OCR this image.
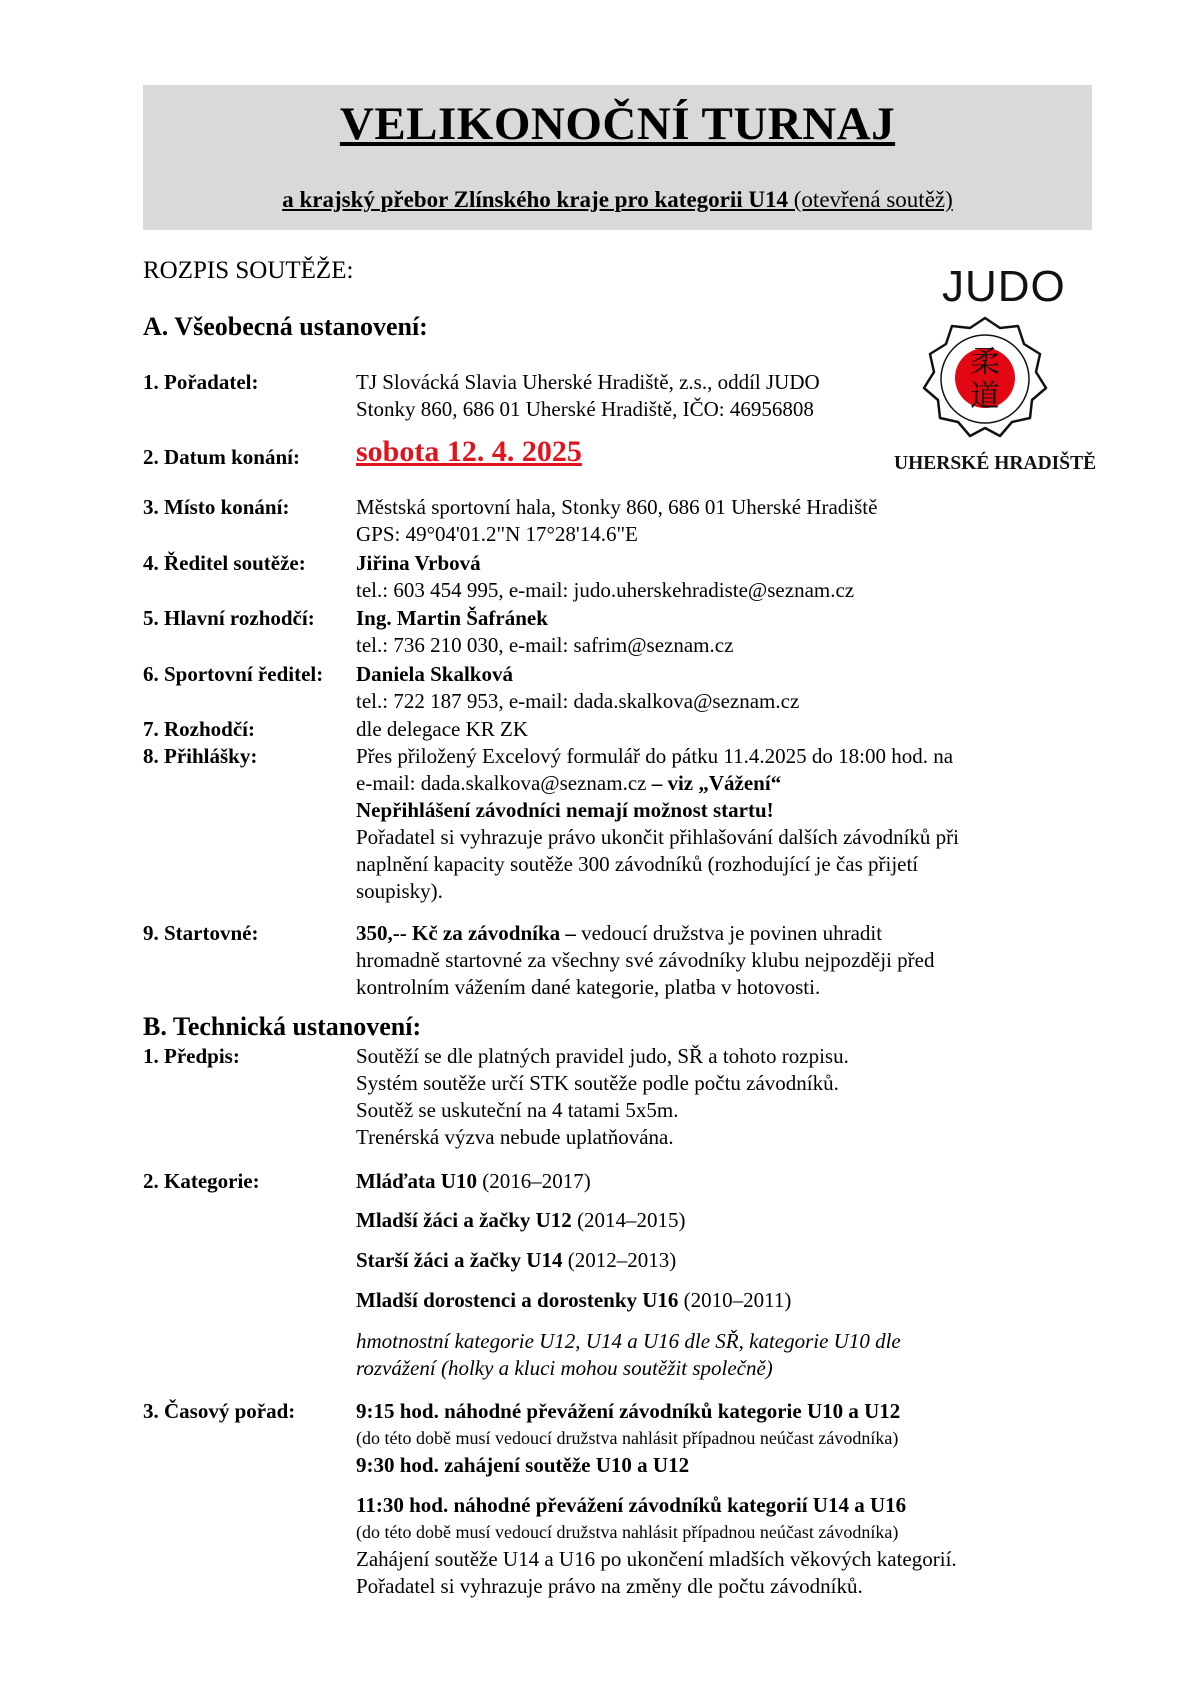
VELIKONOČNÍ TURNAJ
a krajský přebor Zlínského kraje pro kategorii U14 (otevřená soutěž)
ROZPIS SOUTĚŽE:	JUDO
柔
道
UHERSKÉ HRADIŠTĚ
A. Všeobecná ustanovení:
1. Pořadatel:	TJ Slovácká Slavia Uherské Hradiště, z.s., oddíl JUDO
Stonky 860, 686 01 Uherské Hradiště, IČO: 46956808
2. Datum konání: sobota 12. 4. 2025
3. Místo konání:	Městská sportovní hala, Stonky 860, 686 01 Uherské Hradiště
GPS: 49°04'01.2"N 17°28'14.6"E
4. Ředitel soutěže: Jiřina Vrbová
tel.: 603 454 995, e-mail: judo.uherskehradiste@seznam.cz
5. Hlavní rozhodčí: Ing. Martin Šafránek
tel.: 736 210 030, e-mail: safrim@seznam.cz
6. Sportovní ředitel: Daniela Skalková
tel.: 722 187 953, e-mail: dada.skalkova@seznam.cz
7. Rozhodčí:	dle delegace KR ZK
8. Přihlášky:	Přes přiložený Excelový formulář do pátku 11.4.2025 do 18:00 hod. na
e-mail: dada.skalkova@seznam.cz – viz „Vážení“
Nepřihlášení závodníci nemají možnost startu!
Pořadatel si vyhrazuje právo ukončit přihlašování dalších závodníků při
naplnění kapacity soutěže 300 závodníků (rozhodující je čas přijetí
soupisky).
9. Startovné:	350,-- Kč za závodníka – vedoucí družstva je povinen uhradit
hromadně startovné za všechny své závodníky klubu nejpozději před
kontrolním vážením dané kategorie, platba v hotovosti.
B. Technická ustanovení:
1. Předpis:	Soutěží se dle platných pravidel judo, SŘ a tohoto rozpisu.
Systém soutěže určí STK soutěže podle počtu závodníků.
Soutěž se uskuteční na 4 tatami 5x5m.
Trenérská výzva nebude uplatňována.
2. Kategorie:	Mláďata U10 (2016–2017)
Mladší žáci a žačky U12 (2014–2015)
Starší žáci a žačky U14 (2012–2013)
Mladší dorostenci a dorostenky U16 (2010–2011)
hmotnostní kategorie U12, U14 a U16 dle SŘ, kategorie U10 dle
rozvážení (holky a kluci mohou soutěžit společně)
3. Časový pořad:	9:15 hod. náhodné převážení závodníků kategorie U10 a U12
(do této době musí vedoucí družstva nahlásit případnou neúčast závodníka)
9:30 hod. zahájení soutěže U10 a U12
11:30 hod. náhodné převážení závodníků kategorií U14 a U16
(do této době musí vedoucí družstva nahlásit případnou neúčast závodníka)
Zahájení soutěže U14 a U16 po ukončení mladších věkových kategorií.
Pořadatel si vyhrazuje právo na změny dle počtu závodníků.
